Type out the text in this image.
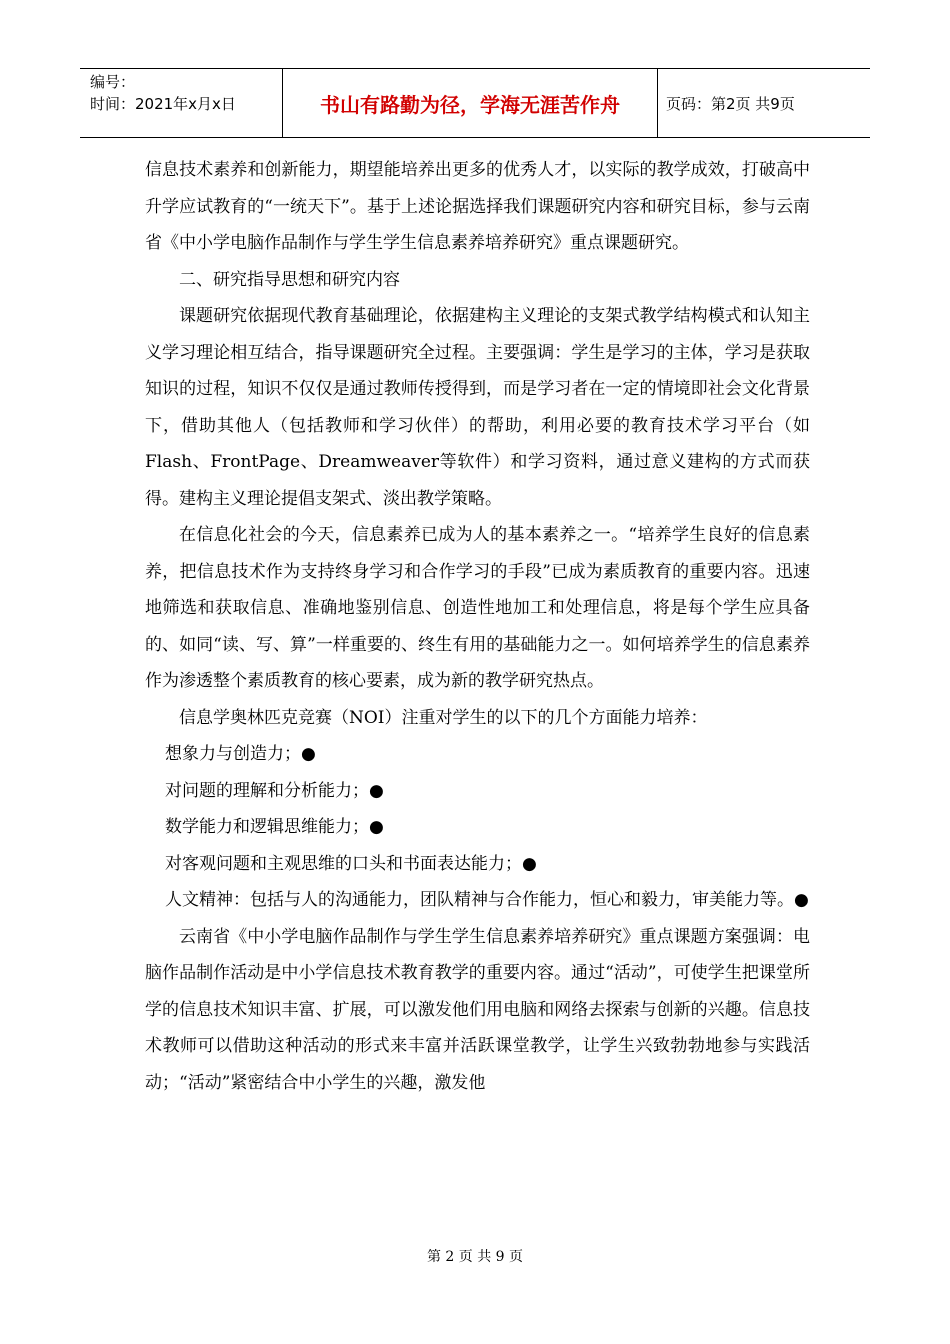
编号：
时间：2021年x月x日	书山有路勤为径，学海无涯苦作舟	页码：第2页 共9页

信息技术素养和创新能力，期望能培养出更多的优秀人才，以实际的教学成效，打破高中升学应试教育的“一统天下”。基于上述论据选择我们课题研究内容和研究目标，参与云南省《中小学电脑作品制作与学生学生信息素养培养研究》重点课题研究。

二、研究指导思想和研究内容

课题研究依据现代教育基础理论，依据建构主义理论的支架式教学结构模式和认知主义学习理论相互结合，指导课题研究全过程。主要强调：学生是学习的主体，学习是获取知识的过程，知识不仅仅是通过教师传授得到，而是学习者在一定的情境即社会文化背景下，借助其他人（包括教师和学习伙伴）的帮助，利用必要的教育技术学习平台（如Flash、FrontPage、Dreamweaver等软件）和学习资料，通过意义建构的方式而获得。建构主义理论提倡支架式、淡出教学策略。

在信息化社会的今天，信息素养已成为人的基本素养之一。“培养学生良好的信息素养，把信息技术作为支持终身学习和合作学习的手段”已成为素质教育的重要内容。迅速地筛选和获取信息、准确地鉴别信息、创造性地加工和处理信息，将是每个学生应具备的、如同“读、写、算”一样重要的、终生有用的基础能力之一。如何培养学生的信息素养作为渗透整个素质教育的核心要素，成为新的教学研究热点。

信息学奥林匹克竞赛（NOI）注重对学生的以下的几个方面能力培养：

想象力与创造力；●

对问题的理解和分析能力；●

数学能力和逻辑思维能力；●

对客观问题和主观思维的口头和书面表达能力；●

人文精神：包括与人的沟通能力，团队精神与合作能力，恒心和毅力，审美能力等。●

云南省《中小学电脑作品制作与学生学生信息素养培养研究》重点课题方案强调：电脑作品制作活动是中小学信息技术教育教学的重要内容。通过“活动”，可使学生把课堂所学的信息技术知识丰富、扩展，可以激发他们用电脑和网络去探索与创新的兴趣。信息技术教师可以借助这种活动的形式来丰富并活跃课堂教学，让学生兴致勃勃地参与实践活动；“活动”紧密结合中小学生的兴趣，激发他

第 2 页 共 9 页
